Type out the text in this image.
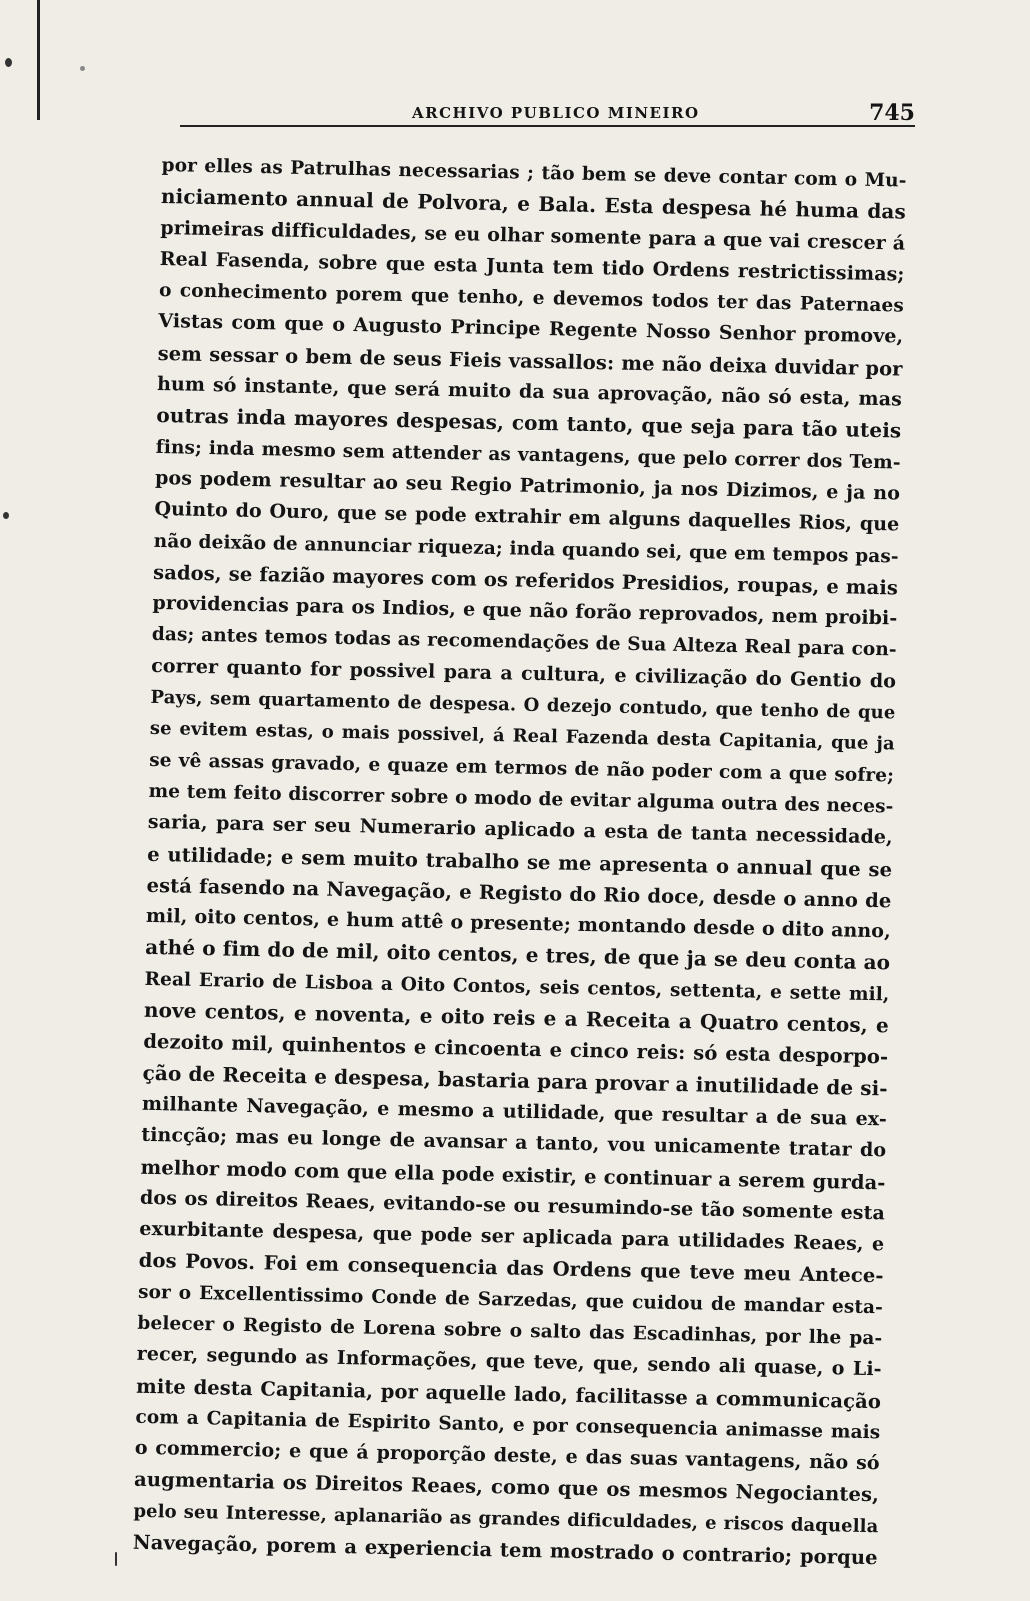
ARCHIVO PUBLICO MINEIRO	745
por elles as Patrulhas necessarias ; tão bem se deve contar com o Mu-
niciamento annual de Polvora, e Bala. Esta despesa hé huma das
primeiras difficuldades, se eu olhar somente para a que vai crescer á
Real Fasenda, sobre que esta Junta tem tido Ordens restrictissimas;
o conhecimento porem que tenho, e devemos todos ter das Paternaes
Vistas com que o Augusto Principe Regente Nosso Senhor promove,
sem sessar o bem de seus Fieis vassallos: me não deixa duvidar por
hum só instante, que será muito da sua aprovação, não só esta, mas
outras inda mayores despesas, com tanto, que seja para tão uteis
fins; inda mesmo sem attender as vantagens, que pelo correr dos Tem-
pos podem resultar ao seu Regio Patrimonio, ja nos Dizimos, e ja no
Quinto do Ouro, que se pode extrahir em alguns daquelles Rios, que
não deixão de annunciar riqueza; inda quando sei, que em tempos pas-
sados, se fazião mayores com os referidos Presidios, roupas, e mais
providencias para os Indios, e que não forão reprovados, nem proibi-
das; antes temos todas as recomendações de Sua Alteza Real para con-
correr quanto for possivel para a cultura, e civilização do Gentio do
Pays, sem quartamento de despesa. O dezejo contudo, que tenho de que
se evitem estas, o mais possivel, á Real Fazenda desta Capitania, que ja
se vê assas gravado, e quaze em termos de não poder com a que sofre;
me tem feito discorrer sobre o modo de evitar alguma outra des neces-
saria, para ser seu Numerario aplicado a esta de tanta necessidade,
e utilidade; e sem muito trabalho se me apresenta o annual que se
está fasendo na Navegação, e Registo do Rio doce, desde o anno de
mil, oito centos, e hum attê o presente; montando desde o dito anno,
athé o fim do de mil, oito centos, e tres, de que ja se deu conta ao
Real Erario de Lisboa a Oito Contos, seis centos, settenta, e sette mil,
nove centos, e noventa, e oito reis e a Receita a Quatro centos, e
dezoito mil, quinhentos e cincoenta e cinco reis: só esta desporpo-
ção de Receita e despesa, bastaria para provar a inutilidade de si-
milhante Navegação, e mesmo a utilidade, que resultar a de sua ex-
tincção; mas eu longe de avansar a tanto, vou unicamente tratar do
melhor modo com que ella pode existir, e continuar a serem gurda-
dos os direitos Reaes, evitando-se ou resumindo-se tão somente esta
exurbitante despesa, que pode ser aplicada para utilidades Reaes, e
dos Povos. Foi em consequencia das Ordens que teve meu Antece-
sor o Excellentissimo Conde de Sarzedas, que cuidou de mandar esta-
belecer o Registo de Lorena sobre o salto das Escadinhas, por lhe pa-
recer, segundo as Informações, que teve, que, sendo ali quase, o Li-
mite desta Capitania, por aquelle lado, facilitasse a communicação
com a Capitania de Espirito Santo, e por consequencia animasse mais
o commercio; e que á proporção deste, e das suas vantagens, não só
augmentaria os Direitos Reaes, como que os mesmos Negociantes,
pelo seu Interesse, aplanarião as grandes dificuldades, e riscos daquella
Navegação, porem a experiencia tem mostrado o contrario; porque
